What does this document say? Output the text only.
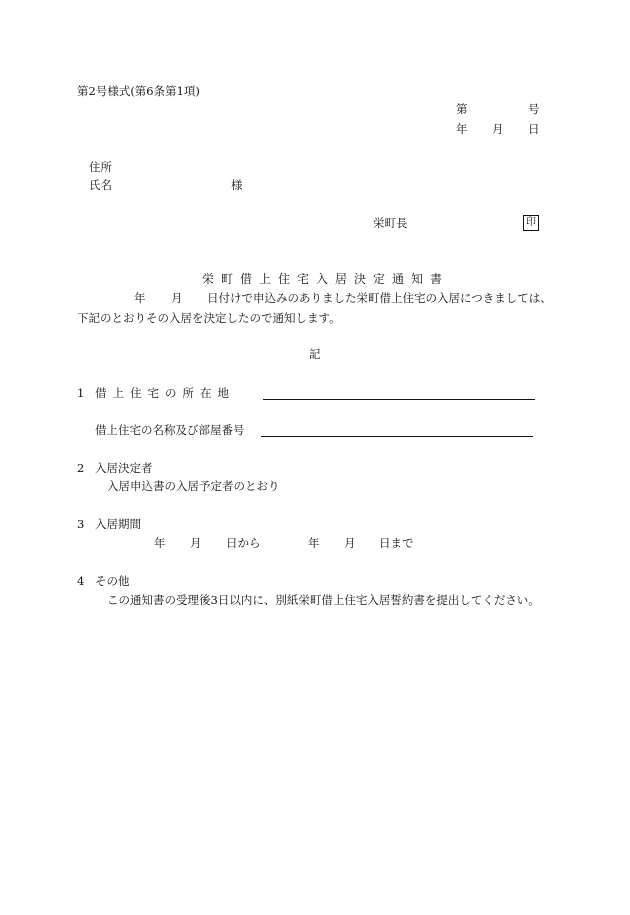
第2号様式(第6条第1項)
第	号
年 月 日
住所
氏名	様
栄町長	印
栄町借上住宅入居決定通知書
年 月 日付けで申込みのありました栄町借上住宅の入居につきましては、
下記のとおりその入居を決定したので通知します。
記
1 借上住宅の所在地
借上住宅の名称及び部屋番号
2 入居決定者
入居申込書の入居予定者のとおり
3 入居期間
年 月 日から	年 月 日まで
4 その他
この通知書の受理後3日以内に、別紙栄町借上住宅入居誓約書を提出してください。
